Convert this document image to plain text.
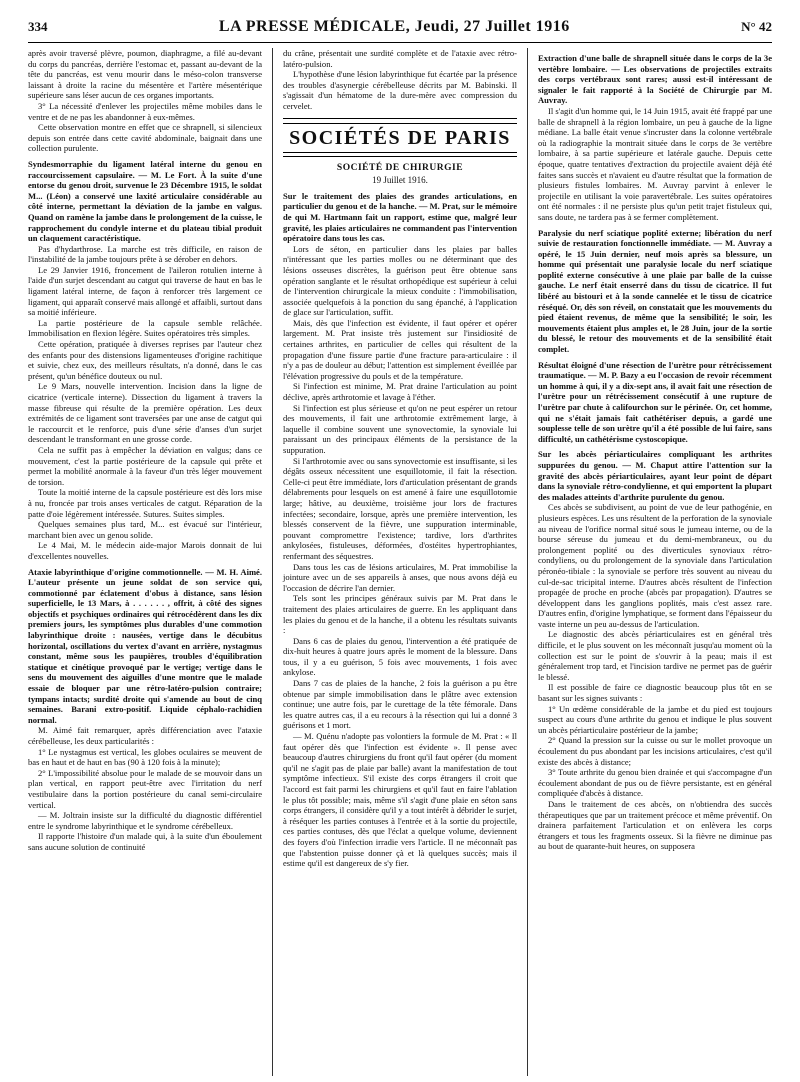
334	LA PRESSE MÉDICALE, Jeudi, 27 Juillet 1916	N° 42

après avoir traversé plèvre, poumon, diaphragme, a filé au-devant du corps du pancréas, derrière l'estomac et, passant au-devant de la tête du pancréas, est venu mourir dans le méso-colon transverse laissant à droite la racine du mésentère et l'artère mésentérique supérieure sans léser aucun de ces organes importants.

3° La nécessité d'enlever les projectiles même mobiles dans le ventre et de ne pas les abandonner à eux-mêmes.

Cette observation montre en effet que ce shrapnell, si silencieux depuis son entrée dans cette cavité abdominale, baignait dans une collection purulente.

Syndesmorraphie du ligament latéral interne du genou en raccourcissement capsulaire. — M. Le Fort. À la suite d'une entorse du genou droit, survenue le 23 Décembre 1915, le soldat M... (Léon) a conservé une laxité articulaire considérable au côté interne, permettant la déviation de la jambe en valgus. Quand on ramène la jambe dans le prolongement de la cuisse, le rapprochement du condyle interne et du plateau tibial produit un claquement caractéristique.

Pas d'hydarthrose. La marche est très difficile, en raison de l'instabilité de la jambe toujours prête à se dérober en dehors.

Le 29 Janvier 1916, froncement de l'aileron rotulien interne à l'aide d'un surjet descendant au catgut qui traverse de haut en bas le ligament latéral interne, de façon à renforcer très largement ce ligament, qui apparaît conservé mais allongé et affaibli, surtout dans sa moitié inférieure.

La partie postérieure de la capsule semble relâchée. Immobilisation en flexion légère. Suites opératoires très simples.

Cette opération, pratiquée à diverses reprises par l'auteur chez des enfants pour des distensions ligamenteuses d'origine rachitique et suivie, chez eux, des meilleurs résultats, n'a donné, dans le cas présent, qu'un bénéfice douteux ou nul.

Le 9 Mars, nouvelle intervention. Incision dans la ligne de cicatrice (verticale interne). Dissection du ligament à travers la masse fibreuse qui résulte de la première opération. Les deux extrémités de ce ligament sont traversées par une anse de catgut qui le raccourcit et le renforce, puis d'une série d'anses d'un surjet descendant le transformant en une grosse corde.

Cela ne suffit pas à empêcher la déviation en valgus; dans ce mouvement, c'est la partie postérieure de la capsule qui prête et permet la mobilité anormale à la faveur d'un très léger mouvement de torsion.

Toute la moitié interne de la capsule postérieure est dès lors mise à nu, froncée par trois anses verticales de catgut. Réparation de la patte d'oie légèrement intéressée. Sutures. Suites simples.

Quelques semaines plus tard, M... est évacué sur l'intérieur, marchant bien avec un genou solide.

Le 4 Mai, M. le médecin aide-major Marois donnait de lui d'excellentes nouvelles.

Ataxie labyrinthique d'origine commotionnelle. — M. H. Aimé. L'auteur présente un jeune soldat de son service qui, commotionné par éclatement d'obus à distance, sans lésion superficielle, le 13 Mars, à . . . . . . , offrit, à côté des signes objectifs et psychiques ordinaires qui rétrocédèrent dans les dix premiers jours, les symptômes plus durables d'une commotion labyrinthique droite : nausées, vertige dans le décubitus horizontal, oscillations du vertex d'avant en arrière, nystagmus constant, même sous les paupières, troubles d'équilibration statique et cinétique provoqué par le vertige; vertige dans le sens du mouvement des aiguilles d'une montre que le malade essaie de bloquer par une rétro-latéro-pulsion contraire; tympans intacts; surdité droite qui s'amende au bout de cinq semaines. Barani extro-positif. Liquide céphalo-rachidien normal.

M. Aimé fait remarquer, après différenciation avec l'ataxie cérébelleuse, les deux particularités :

1° Le nystagmus est vertical, les globes oculaires se meuvent de bas en haut et de haut en bas (90 à 120 fois à la minute);

2° L'impossibilité absolue pour le malade de se mouvoir dans un plan vertical, en rapport peut-être avec l'irritation du nerf vestibulaire dans la portion postérieure du canal semi-circulaire vertical.

— M. Joltrain insiste sur la difficulté du diagnostic différentiel entre le syndrome labyrinthique et le syndrome cérébelleux.

Il rapporte l'histoire d'un malade qui, à la suite d'un éboulement sans aucune solution de continuité

du crâne, présentait une surdité complète et de l'ataxie avec rétro-latéro-pulsion.

L'hypothèse d'une lésion labyrinthique fut écartée par la présence des troubles d'asynergie cérébelleuse décrits par M. Babinski. Il s'agissait d'un hématome de la dure-mère avec compression du cervelet.

SOCIÉTÉS DE PARIS
SOCIÉTÉ DE CHIRURGIE
19 Juillet 1916.

Sur le traitement des plaies des grandes articulations, en particulier du genou et de la hanche. — M. Prat, sur le mémoire de qui M. Hartmann fait un rapport, estime que, malgré leur gravité, les plaies articulaires ne commandent pas l'intervention opératoire dans tous les cas.

Lors de séton, en particulier dans les plaies par balles n'intéressant que les parties molles ou ne déterminant que des lésions osseuses discrètes, la guérison peut être obtenue sans opération sanglante et le résultat orthopédique est supérieur à celui de l'intervention chirurgicale la mieux conduite : l'immobilisation, associée quelquefois à la ponction du sang épanché, à l'application de glace sur l'articulation, suffit.

Mais, dès que l'infection est évidente, il faut opérer et opérer largement. M. Prat insiste très justement sur l'insidiosité de certaines arthrites, en particulier de celles qui résultent de la propagation d'une fissure partie d'une fracture para-articulaire : il n'y a pas de douleur au début; l'attention est simplement éveillée par l'élévation progressive du pouls et de la température.

Si l'infection est minime, M. Prat draine l'articulation au point déclive, après arthrotomie et lavage à l'éther.

Si l'infection est plus sérieuse et qu'on ne peut espérer un retour des mouvements, il fait une arthrotomie extrêmement large, à laquelle il combine souvent une synovectomie, la synoviale lui paraissant un des principaux éléments de la persistance de la suppuration.

Si l'arthrotomie avec ou sans synovectomie est insuffisante, si les dégâts osseux nécessitent une esquillotomie, il fait la résection. Celle-ci peut être immédiate, lors d'articulation présentant de grands délabrements pour lesquels on est amené à faire une esquillotomie large; hâtive, au deuxième, troisième jour lors de fractures infectées; secondaire, lorsque, après une première intervention, les blessés conservent de la fièvre, une suppuration interminable, pouvant compromettre l'existence; tardive, lors d'arthrites ankylosées, fistuleuses, déformées, d'ostéites hypertrophiantes, renfermant des séquestres.

Dans tous les cas de lésions articulaires, M. Prat immobilise la jointure avec un de ses appareils à anses, que nous avons déjà eu l'occasion de décrire l'an dernier.

Tels sont les principes généraux suivis par M. Prat dans le traitement des plaies articulaires de guerre. En les appliquant dans les plaies du genou et de la hanche, il a obtenu les résultats suivants :

Dans 6 cas de plaies du genou, l'intervention a été pratiquée de dix-huit heures à quatre jours après le moment de la blessure. Dans tous, il y a eu guérison, 5 fois avec mouvements, 1 fois avec ankylose.

Dans 7 cas de plaies de la hanche, 2 fois la guérison a pu être obtenue par simple immobilisation dans le plâtre avec extension continue; une autre fois, par le curettage de la tête fémorale. Dans les quatre autres cas, il a eu recours à la résection qui lui a donné 3 guérisons et 1 mort.

— M. Quénu n'adopte pas volontiers la formule de M. Prat : « Il faut opérer dès que l'infection est évidente ». Il pense avec beaucoup d'autres chirurgiens du front qu'il faut opérer (du moment qu'il ne s'agit pas de plaie par balle) avant la manifestation de tout symptôme infectieux. S'il existe des corps étrangers il croit que l'accord est fait parmi les chirurgiens et qu'il faut en faire l'ablation le plus tôt possible; mais, même s'il s'agit d'une plaie en séton sans corps étrangers, il considère qu'il y a tout intérêt à débrider le surjet, à réséquer les parties contuses à l'entrée et à la sortie du projectile, ces parties contuses, dès que l'éclat a quelque volume, deviennent des foyers d'où l'infection irradie vers l'article. Il ne méconnaît pas que l'abstention puisse donner çà et là quelques succès; mais il estime qu'il est dangereux de s'y fier.

Extraction d'une balle de shrapnell située dans le corps de la 3e vertèbre lombaire. — Les observations de projectiles extraits des corps vertébraux sont rares; aussi est-il intéressant de signaler le fait rapporté à la Société de Chirurgie par M. Auvray.

Il s'agit d'un homme qui, le 14 Juin 1915, avait été frappé par une balle de shrapnell à la région lombaire, un peu à gauche de la ligne médiane. La balle était venue s'incruster dans la colonne vertébrale où la radiographie la montrait située dans le corps de 3e vertèbre lombaire, à sa partie supérieure et latérale gauche. Depuis cette époque, quatre tentatives d'extraction du projectile avaient déjà été faites sans succès et n'avaient eu d'autre résultat que la formation de plusieurs fistules lombaires. M. Auvray parvint à enlever le projectile en utilisant la voie paravertébrale. Les suites opératoires ont été normales : il ne persiste plus qu'un petit trajet fistuleux qui, sans doute, ne tardera pas à se fermer complètement.

Paralysie du nerf sciatique poplité externe; libération du nerf suivie de restauration fonctionnelle immédiate. — M. Auvray a opéré, le 15 Juin dernier, neuf mois après sa blessure, un homme qui présentait une paralysie locale du nerf sciatique poplité externe consécutive à une plaie par balle de la cuisse gauche. Le nerf était enserré dans du tissu de cicatrice. Il fut libéré au bistouri et à la sonde cannelée et le tissu de cicatrice réséqué. Or, dès son réveil, on constatait que les mouvements du pied étaient revenus, de même que la sensibilité; le soir, les mouvements étaient plus amples et, le 28 Juin, jour de la sortie du blessé, le retour des mouvements et de la sensibilité était complet.

Résultat éloigné d'une résection de l'urètre pour rétrécissement traumatique. — M. P. Bazy a eu l'occasion de revoir récemment un homme à qui, il y a dix-sept ans, il avait fait une résection de l'urètre pour un rétrécissement consécutif à une rupture de l'urètre par chute à califourchon sur le périnée. Or, cet homme, qui ne s'était jamais fait cathétériser depuis, a gardé une souplesse telle de son urètre qu'il a été possible de lui faire, sans difficulté, un cathétérisme cystoscopique.

Sur les abcès périarticulaires compliquant les arthrites suppurées du genou. — M. Chaput attire l'attention sur la gravité des abcès périarticulaires, ayant leur point de départ dans la synoviale rétro-condylienne, et qui emportent la plupart des malades atteints d'arthrite purulente du genou.

Ces abcès se subdivisent, au point de vue de leur pathogénie, en plusieurs espèces. Les uns résultent de la perforation de la synoviale au niveau de l'orifice normal situé sous le jumeau interne, ou de la bourse séreuse du jumeau et du demi-membraneux, ou du prolongement poplité ou des diverticules synoviaux rétro-condyliens, ou du prolongement de la synoviale dans l'articulation péronéo-tibiale : la synoviale se perfore très souvent au niveau du cul-de-sac tricipital interne. D'autres abcès résultent de l'infection propagée de proche en proche (abcès par propagation). D'autres se développent dans les ganglions poplités, mais c'est assez rare. D'autres enfin, d'origine lymphatique, se forment dans l'épaisseur du vaste interne un peu au-dessus de l'articulation.

Le diagnostic des abcès périarticulaires est en général très difficile, et le plus souvent on les méconnaît jusqu'au moment où la collection est sur le point de s'ouvrir à la peau; mais il est généralement trop tard, et l'incision tardive ne permet pas de guérir le blessé.

Il est possible de faire ce diagnostic beaucoup plus tôt en se basant sur les signes suivants :

1° Un œdème considérable de la jambe et du pied est toujours suspect au cours d'une arthrite du genou et indique le plus souvent un abcès périarticulaire postérieur de la jambe;

2° Quand la pression sur la cuisse ou sur le mollet provoque un écoulement du pus abondant par les incisions articulaires, c'est qu'il existe des abcès à distance;

3° Toute arthrite du genou bien drainée et qui s'accompagne d'un écoulement abondant de pus ou de fièvre persistante, est en général compliquée d'abcès à distance.

Dans le traitement de ces abcès, on n'obtiendra des succès thérapeutiques que par un traitement précoce et même préventif. On drainera parfaitement l'articulation et on enlèvera les corps étrangers et tous les fragments osseux. Si la fièvre ne diminue pas au bout de quarante-huit heures, on supposera
